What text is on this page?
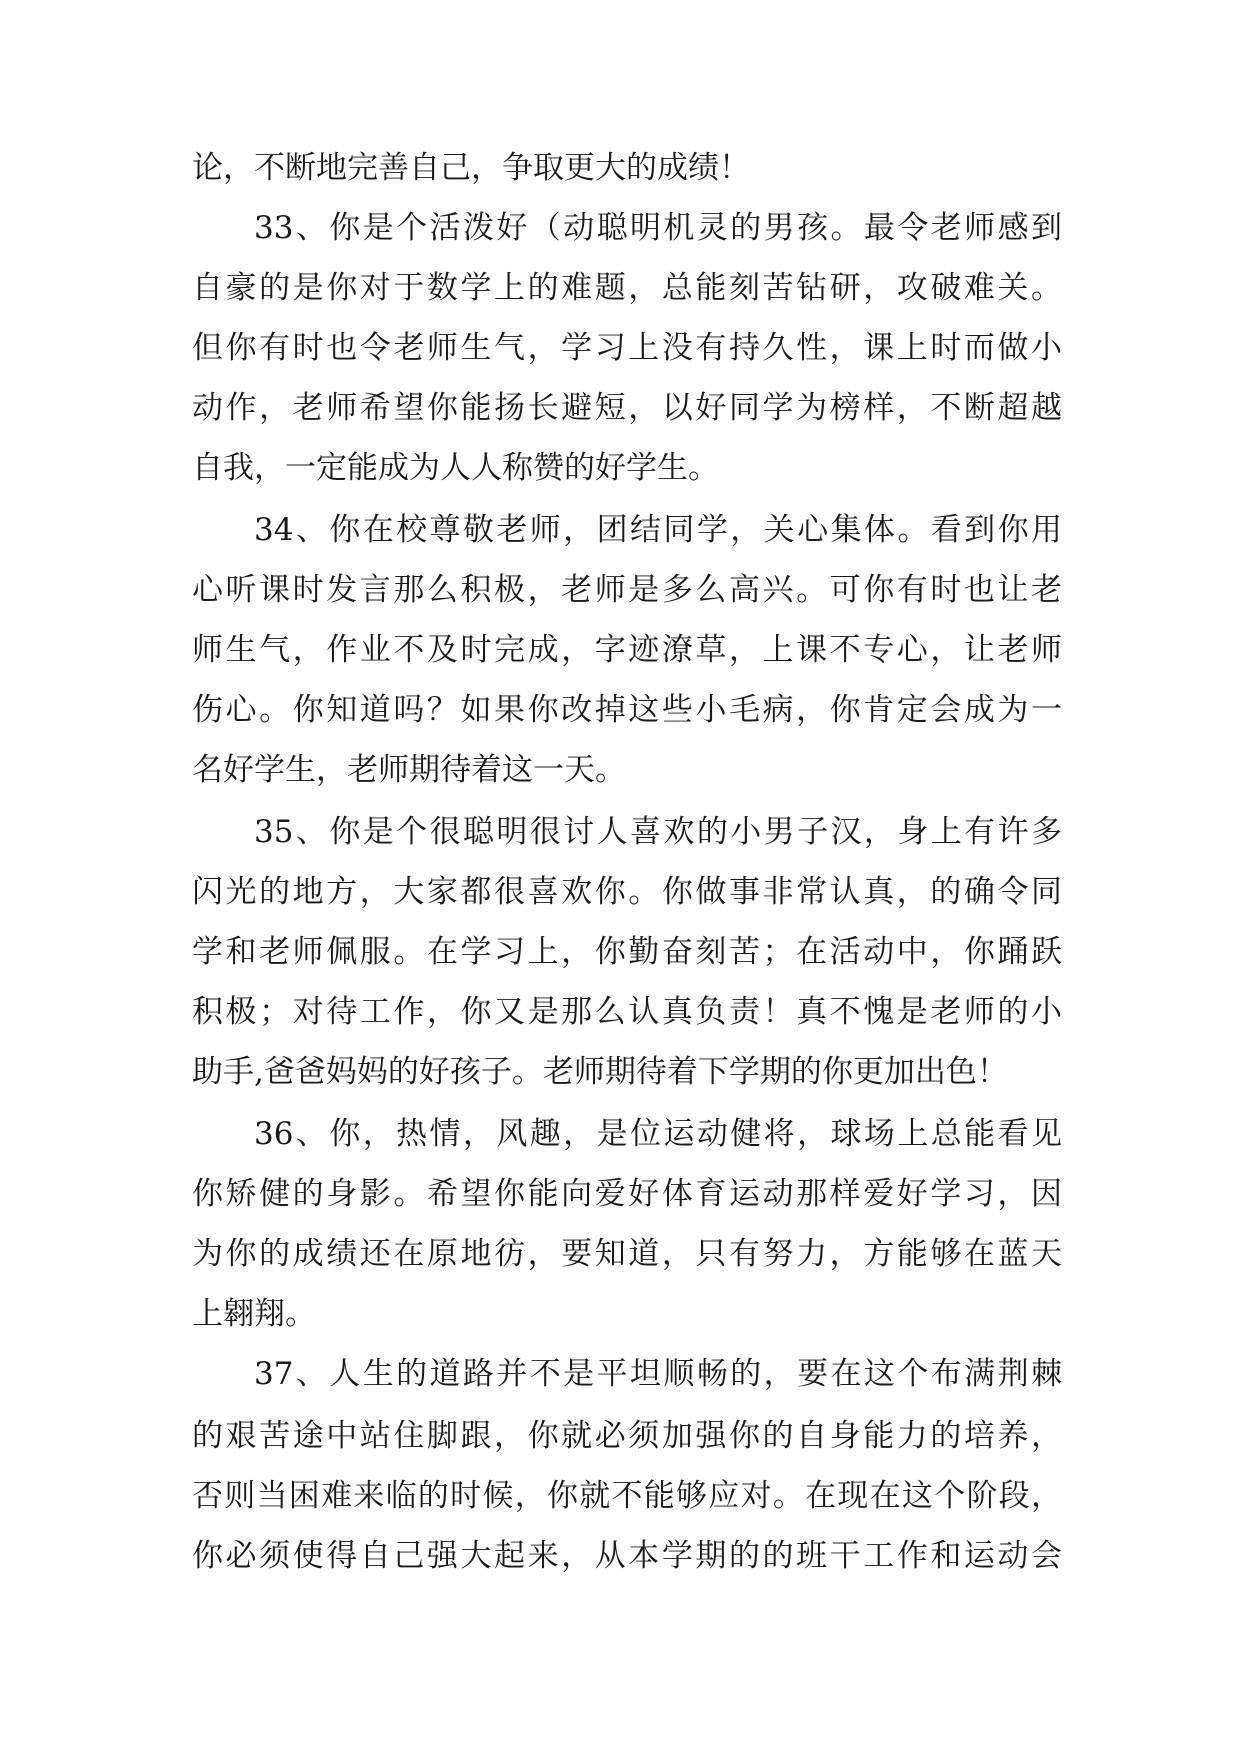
论，不断地完善自己，争取更大的成绩！
33、你是个活泼好（动聪明机灵的男孩。最令老师感到
自豪的是你对于数学上的难题，总能刻苦钻研，攻破难关。
但你有时也令老师生气，学习上没有持久性，课上时而做小
动作，老师希望你能扬长避短，以好同学为榜样，不断超越
自我，一定能成为人人称赞的好学生。
34、你在校尊敬老师，团结同学，关心集体。看到你用
心听课时发言那么积极，老师是多么高兴。可你有时也让老
师生气，作业不及时完成，字迹潦草，上课不专心，让老师
伤心。你知道吗？如果你改掉这些小毛病，你肯定会成为一
名好学生，老师期待着这一天。
35、你是个很聪明很讨人喜欢的小男子汉，身上有许多
闪光的地方，大家都很喜欢你。你做事非常认真，的确令同
学和老师佩服。在学习上，你勤奋刻苦；在活动中，你踊跃
积极；对待工作，你又是那么认真负责！真不愧是老师的小
助手,爸爸妈妈的好孩子。老师期待着下学期的你更加出色！
36、你，热情，风趣，是位运动健将，球场上总能看见
你矫健的身影。希望你能向爱好体育运动那样爱好学习，因
为你的成绩还在原地彷，要知道，只有努力，方能够在蓝天
上翱翔。
37、人生的道路并不是平坦顺畅的，要在这个布满荆棘
的艰苦途中站住脚跟，你就必须加强你的自身能力的培养，
否则当困难来临的时候，你就不能够应对。在现在这个阶段，
你必须使得自己强大起来，从本学期的的班干工作和运动会
